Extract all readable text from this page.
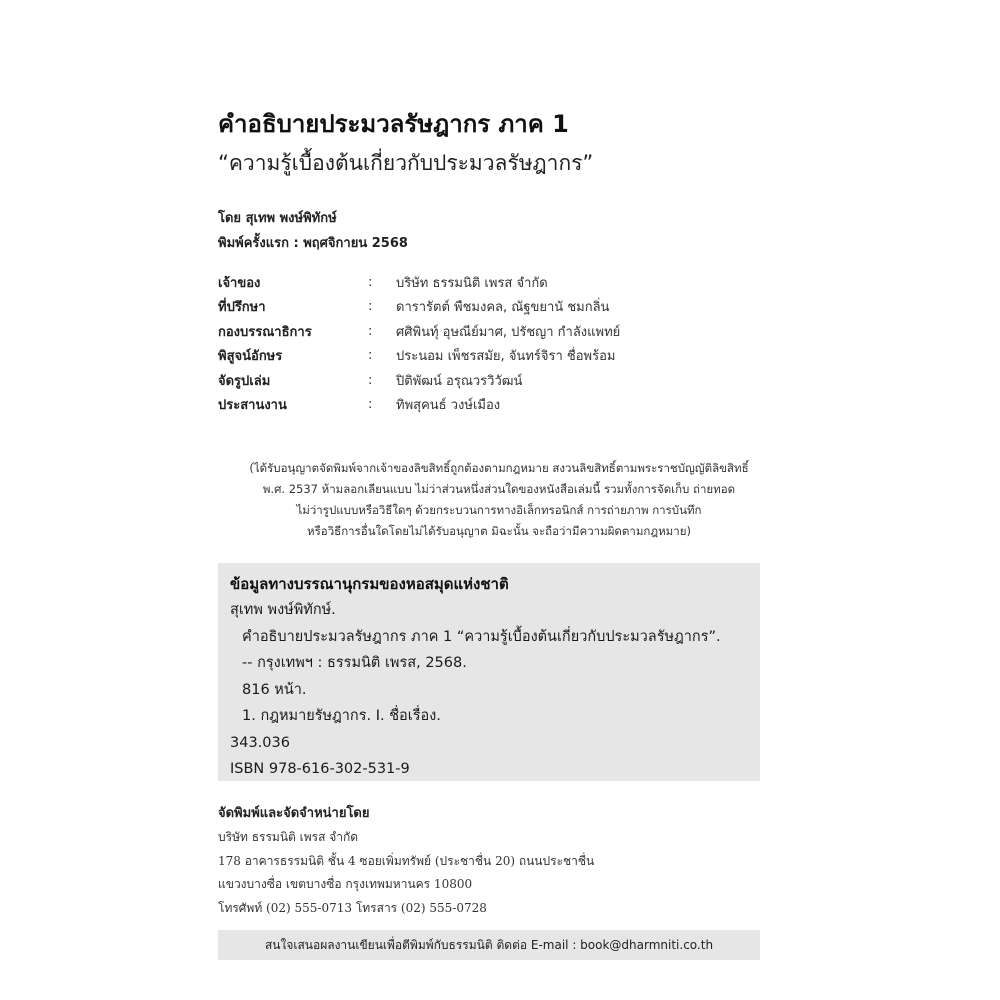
คำอธิบายประมวลรัษฎากร ภาค 1
“ความรู้เบื้องต้นเกี่ยวกับประมวลรัษฎากร”
โดย สุเทพ พงษ์พิทักษ์
พิมพ์ครั้งแรก : พฤศจิกายน 2568
เจ้าของ	:	บริษัท ธรรมนิติ เพรส จำกัด
ที่ปรึกษา	:	ดารารัตต์ พืชมงคล, ณัฐขยานั ชมกลิ่น
กองบรรณาธิการ	:	ศศิพินทุ์ อุษณีย์มาศ, ปรัชญา กำลังแพทย์
พิสูจน์อักษร	:	ประนอม เพ็ชรสมัย, จันทร์จิรา ชื่อพร้อม
จัดรูปเล่ม	:	ปิติพัฒน์ อรุณวรวิวัฒน์
ประสานงาน	:	ทิพสุคนธ์ วงษ์เมือง
(ได้รับอนุญาตจัดพิมพ์จากเจ้าของลิขสิทธิ์ถูกต้องตามกฎหมาย สงวนลิขสิทธิ์ตามพระราชบัญญัติลิขสิทธิ์
พ.ศ. 2537 ห้ามลอกเลียนแบบ ไม่ว่าส่วนหนึ่งส่วนใดของหนังสือเล่มนี้ รวมทั้งการจัดเก็บ ถ่ายทอด
ไม่ว่ารูปแบบหรือวิธีใดๆ ด้วยกระบวนการทางอิเล็กทรอนิกส์ การถ่ายภาพ การบันทึก
หรือวิธีการอื่นใดโดยไม่ได้รับอนุญาต มิฉะนั้น จะถือว่ามีความผิดตามกฎหมาย)
ข้อมูลทางบรรณานุกรมของหอสมุดแห่งชาติ
สุเทพ พงษ์พิทักษ์.
คำอธิบายประมวลรัษฎากร ภาค 1 “ความรู้เบื้องต้นเกี่ยวกับประมวลรัษฎากร”.
-- กรุงเทพฯ : ธรรมนิติ เพรส, 2568.
816 หน้า.
1. กฎหมายรัษฎากร. I. ชื่อเรื่อง.
343.036
ISBN 978-616-302-531-9
จัดพิมพ์และจัดจำหน่ายโดย
บริษัท ธรรมนิติ เพรส จำกัด
178 อาคารธรรมนิติ ชั้น 4 ซอยเพิ่มทรัพย์ (ประชาชื่น 20) ถนนประชาชื่น
แขวงบางซื่อ เขตบางซื่อ กรุงเทพมหานคร 10800
โทรศัพท์ (02) 555-0713 โทรสาร (02) 555-0728
สนใจเสนอผลงานเขียนเพื่อตีพิมพ์กับธรรมนิติ ติดต่อ E-mail : book@dharmniti.co.th
